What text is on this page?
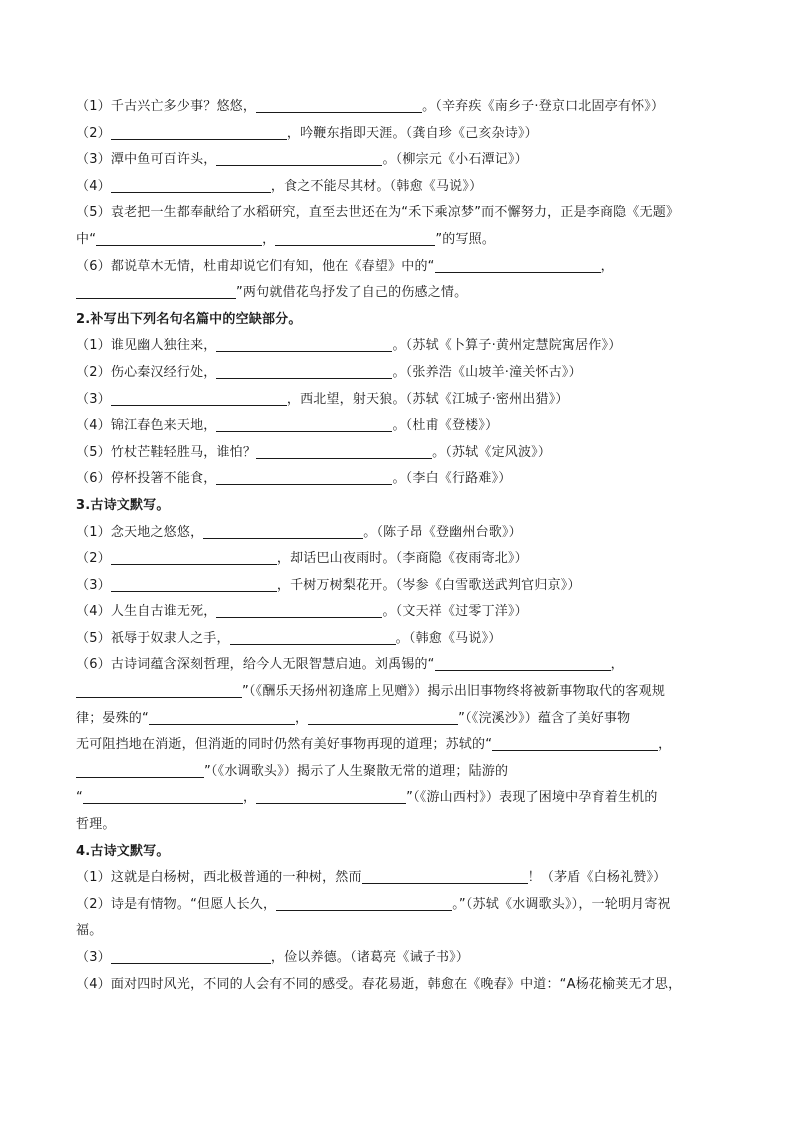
（1）千古兴亡多少事？悠悠，	。（辛弃疾《南乡子·登京口北固亭有怀》）
（2）	，吟鞭东指即天涯。（龚自珍《己亥杂诗》）
（3）潭中鱼可百许头，	。（柳宗元《小石潭记》）
（4）	，食之不能尽其材。（韩愈《马说》）
（5）袁老把一生都奉献给了水稻研究，直至去世还在为“禾下乘凉梦”而不懈努力，正是李商隐《无题》
中“	，	”的写照。
（6）都说草木无情，杜甫却说它们有知，他在《春望》中的“	，
”两句就借花鸟抒发了自己的伤感之情。
2.补写出下列名句名篇中的空缺部分。
（1）谁见幽人独往来，	。（苏轼《卜算子·黄州定慧院寓居作》）
（2）伤心秦汉经行处，	。（张养浩《山坡羊·潼关怀古》）
（3）	，西北望，射天狼。（苏轼《江城子·密州出猎》）
（4）锦江春色来天地，	。（杜甫《登楼》）
（5）竹杖芒鞋轻胜马，谁怕？	。（苏轼《定风波》）
（6）停杯投箸不能食，	。（李白《行路难》）
3.古诗文默写。
（1）念天地之悠悠，	。（陈子昂《登幽州台歌》）
（2）	，却话巴山夜雨时。（李商隐《夜雨寄北》）
（3）	，千树万树梨花开。（岑参《白雪歌送武判官归京》）
（4）人生自古谁无死，	。（文天祥《过零丁洋》）
（5）祇辱于奴隶人之手，	。（韩愈《马说》）
（6）古诗词蕴含深刻哲理，给今人无限智慧启迪。刘禹锡的“	，
”（《酬乐天扬州初逢席上见赠》）揭示出旧事物终将被新事物取代的客观规
律；晏殊的“	，	”（《浣溪沙》）蕴含了美好事物
无可阻挡地在消逝，但消逝的同时仍然有美好事物再现的道理；苏轼的“	，
”（《水调歌头》）揭示了人生聚散无常的道理；陆游的
“	，	”（《游山西村》）表现了困境中孕育着生机的
哲理。
4.古诗文默写。
（1）这就是白杨树，西北极普通的一种树，然而	！（茅盾《白杨礼赞》）
（2）诗是有情物。“但愿人长久，	。”（苏轼《水调歌头》），一轮明月寄祝
福。
（3）	，俭以养德。（诸葛亮《诫子书》）
（4）面对四时风光，不同的人会有不同的感受。春花易逝，韩愈在《晚春》中道：“A杨花榆荚无才思，
